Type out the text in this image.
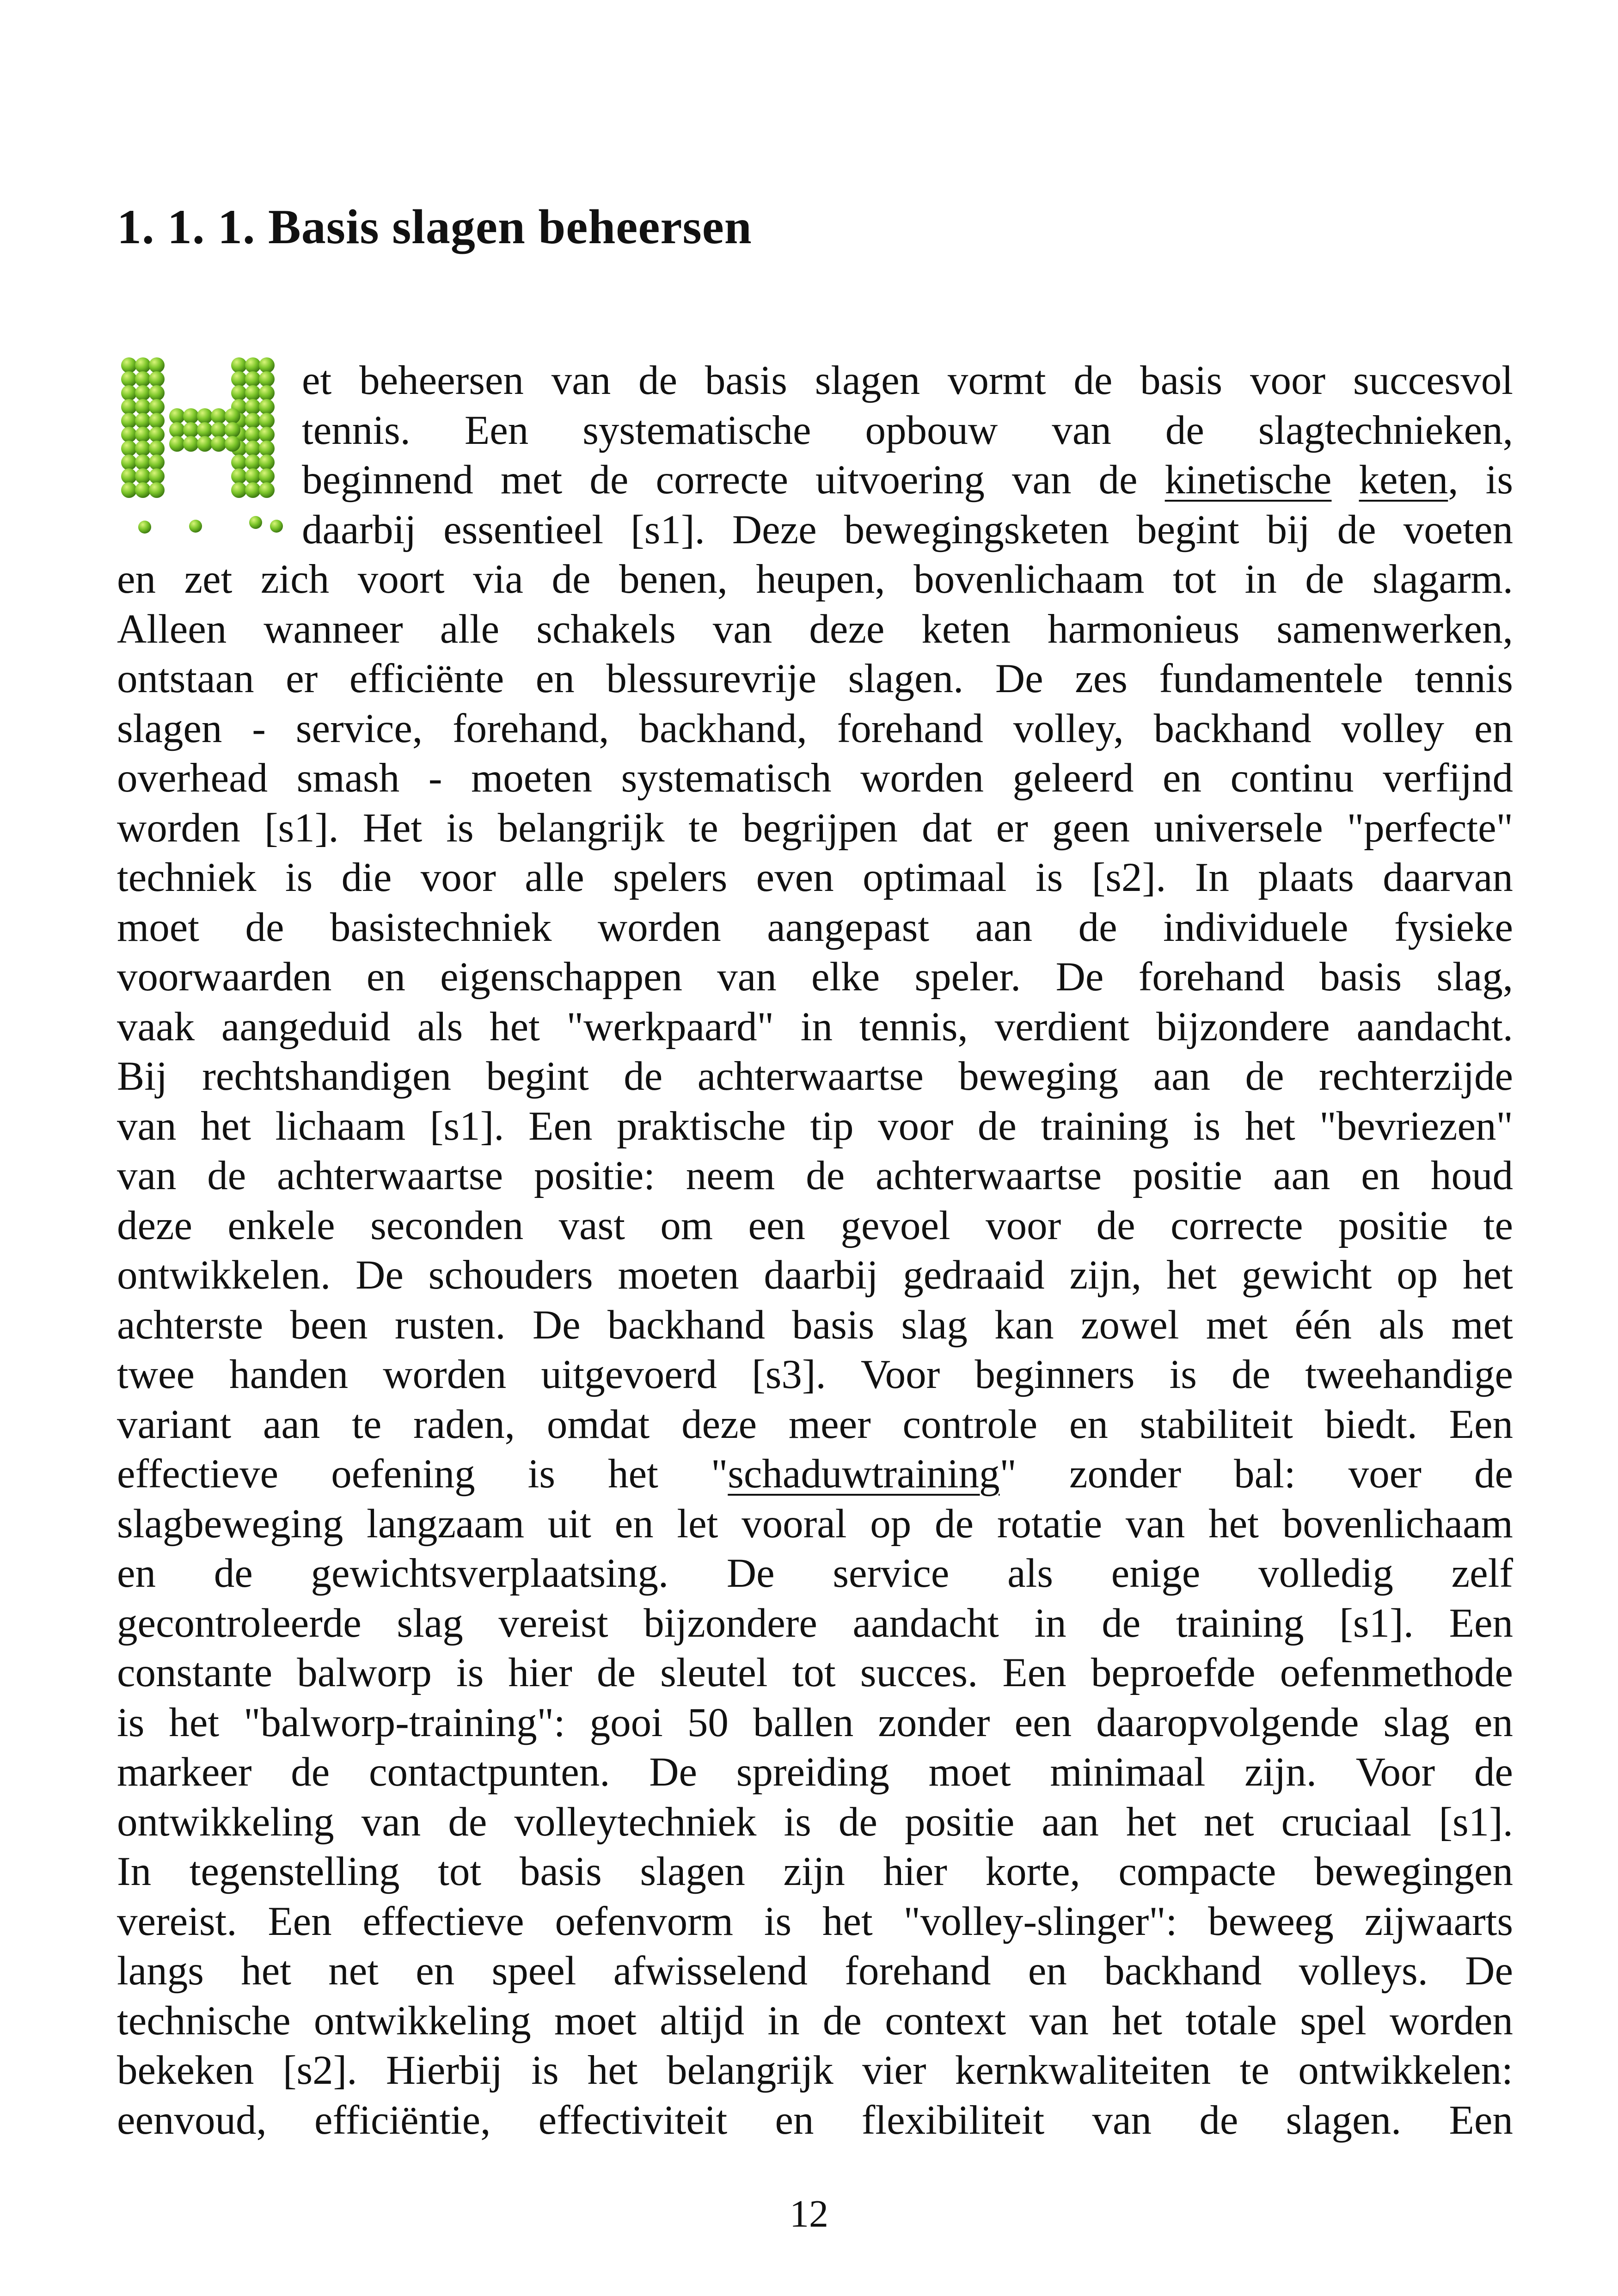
1. 1. 1. Basis slagen beheersen
et beheersen van de basis slagen vormt de basis voor succesvol
tennis. Een systematische opbouw van de slagtechnieken,
beginnend met de correcte uitvoering van de kinetische keten, is
daarbij essentieel [s1]. Deze bewegingsketen begint bij de voeten
en zet zich voort via de benen, heupen, bovenlichaam tot in de slagarm.
Alleen wanneer alle schakels van deze keten harmonieus samenwerken,
ontstaan er efficiënte en blessurevrije slagen. De zes fundamentele tennis
slagen - service, forehand, backhand, forehand volley, backhand volley en
overhead smash - moeten systematisch worden geleerd en continu verfijnd
worden [s1]. Het is belangrijk te begrijpen dat er geen universele "perfecte"
techniek is die voor alle spelers even optimaal is [s2]. In plaats daarvan
moet de basistechniek worden aangepast aan de individuele fysieke
voorwaarden en eigenschappen van elke speler. De forehand basis slag,
vaak aangeduid als het "werkpaard" in tennis, verdient bijzondere aandacht.
Bij rechtshandigen begint de achterwaartse beweging aan de rechterzijde
van het lichaam [s1]. Een praktische tip voor de training is het "bevriezen"
van de achterwaartse positie: neem de achterwaartse positie aan en houd
deze enkele seconden vast om een gevoel voor de correcte positie te
ontwikkelen. De schouders moeten daarbij gedraaid zijn, het gewicht op het
achterste been rusten. De backhand basis slag kan zowel met één als met
twee handen worden uitgevoerd [s3]. Voor beginners is de tweehandige
variant aan te raden, omdat deze meer controle en stabiliteit biedt. Een
effectieve oefening is het "schaduwtraining" zonder bal: voer de
slagbeweging langzaam uit en let vooral op de rotatie van het bovenlichaam
en de gewichtsverplaatsing. De service als enige volledig zelf
gecontroleerde slag vereist bijzondere aandacht in de training [s1]. Een
constante balworp is hier de sleutel tot succes. Een beproefde oefenmethode
is het "balworp-training": gooi 50 ballen zonder een daaropvolgende slag en
markeer de contactpunten. De spreiding moet minimaal zijn. Voor de
ontwikkeling van de volleytechniek is de positie aan het net cruciaal [s1].
In tegenstelling tot basis slagen zijn hier korte, compacte bewegingen
vereist. Een effectieve oefenvorm is het "volley-slinger": beweeg zijwaarts
langs het net en speel afwisselend forehand en backhand volleys. De
technische ontwikkeling moet altijd in de context van het totale spel worden
bekeken [s2]. Hierbij is het belangrijk vier kernkwaliteiten te ontwikkelen:
eenvoud, efficiëntie, effectiviteit en flexibiliteit van de slagen. Een
12
